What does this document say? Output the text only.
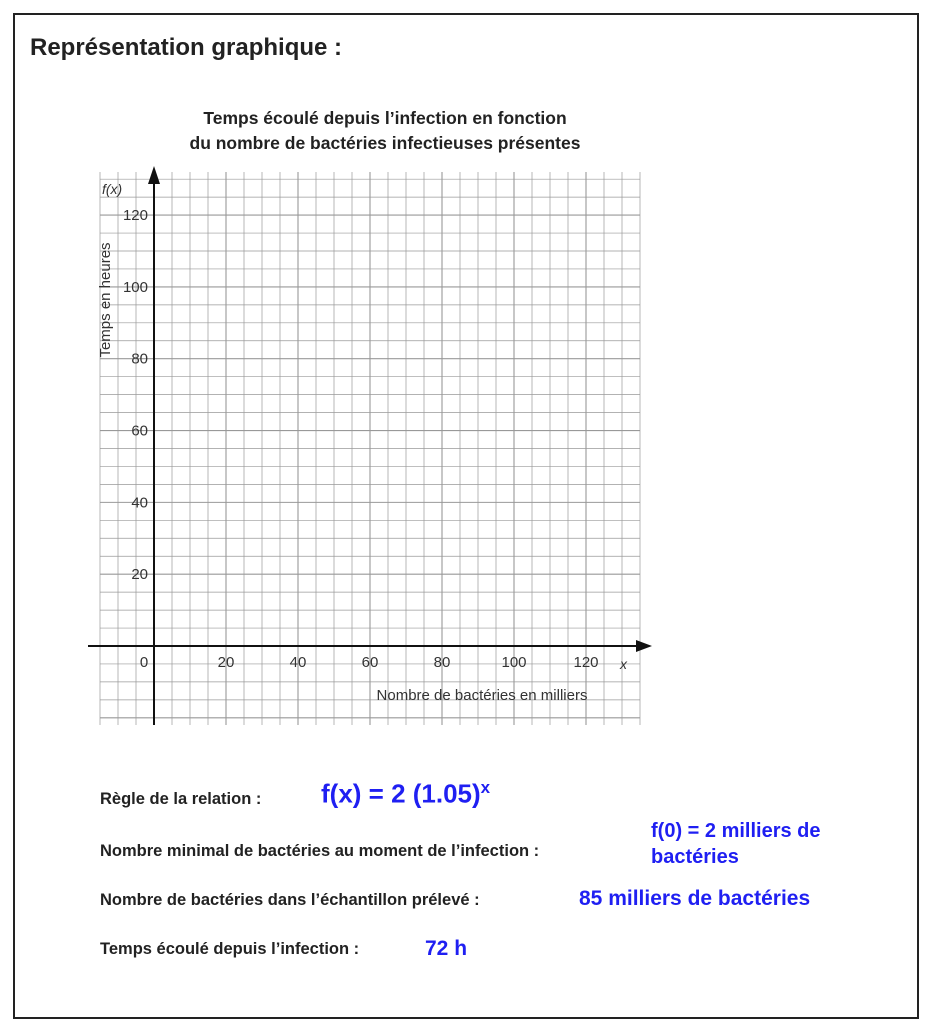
Représentation graphique :
Temps écoulé depuis l’infection en fonction
du nombre de bactéries infectieuses présentes
0	20	40	60	80	100	120
20
40
60
80
100
120
x
f(x)
Nombre de bactéries en milliers
Temps en heures
Règle de la relation : f(x) = 2 $(1.05)^x$
Nombre minimal de bactéries au moment de l’infection :
f(0) = 2 milliers de
bactéries
Nombre de bactéries dans l’échantillon prélevé :	85 milliers de bactéries
Temps écoulé depuis l’infection :	72 h
